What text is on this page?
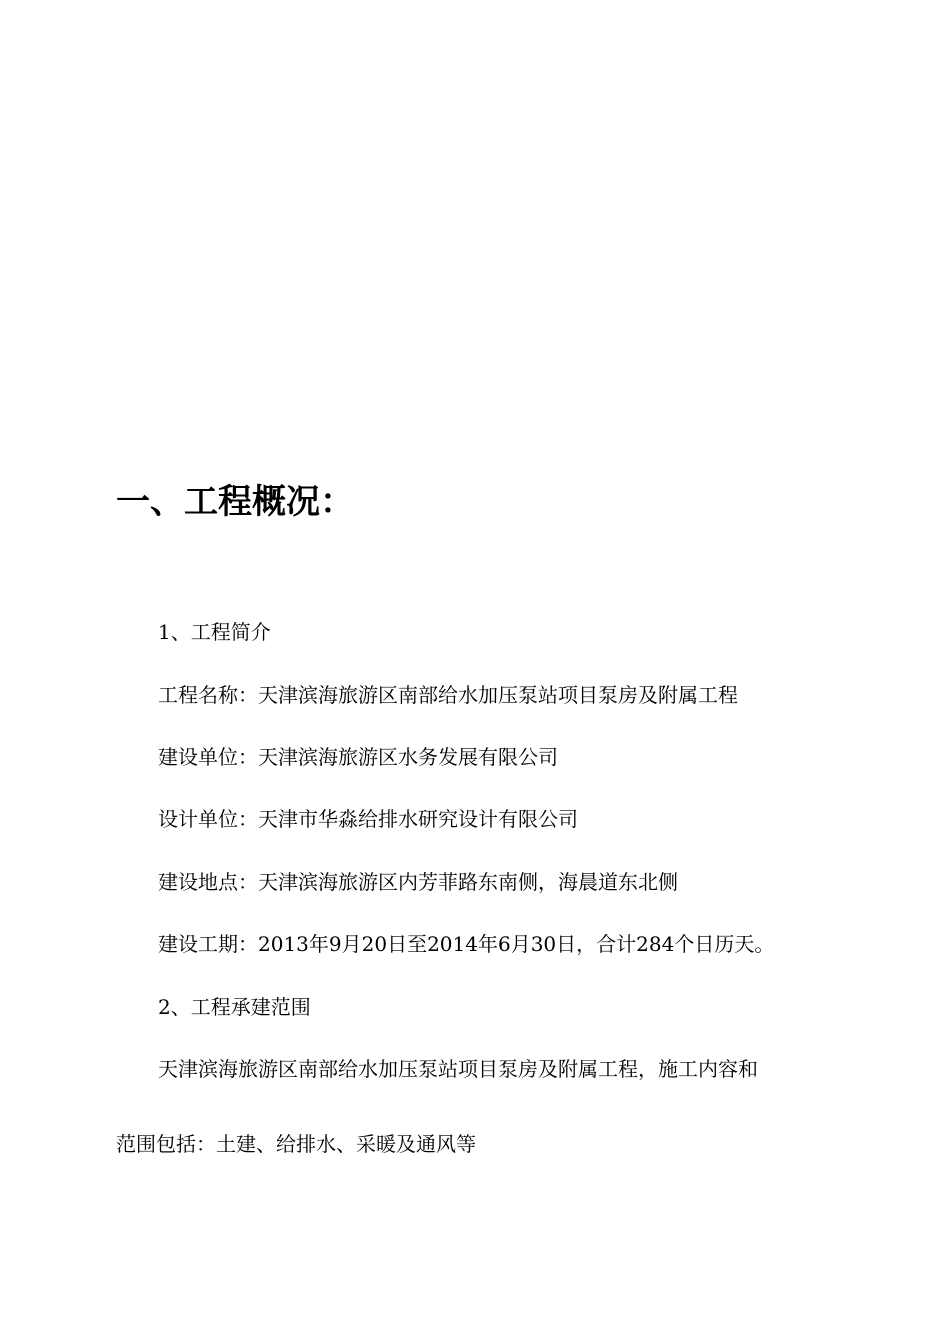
一、工程概况：
1、工程简介
工程名称：天津滨海旅游区南部给水加压泵站项目泵房及附属工程
建设单位：天津滨海旅游区水务发展有限公司
设计单位：天津市华淼给排水研究设计有限公司
建设地点：天津滨海旅游区内芳菲路东南侧，海晨道东北侧
建设工期：2013年9月20日至2014年6月30日，合计284个日历天。
2、工程承建范围
天津滨海旅游区南部给水加压泵站项目泵房及附属工程，施工内容和
范围包括：土建、给排水、采暖及通风等
